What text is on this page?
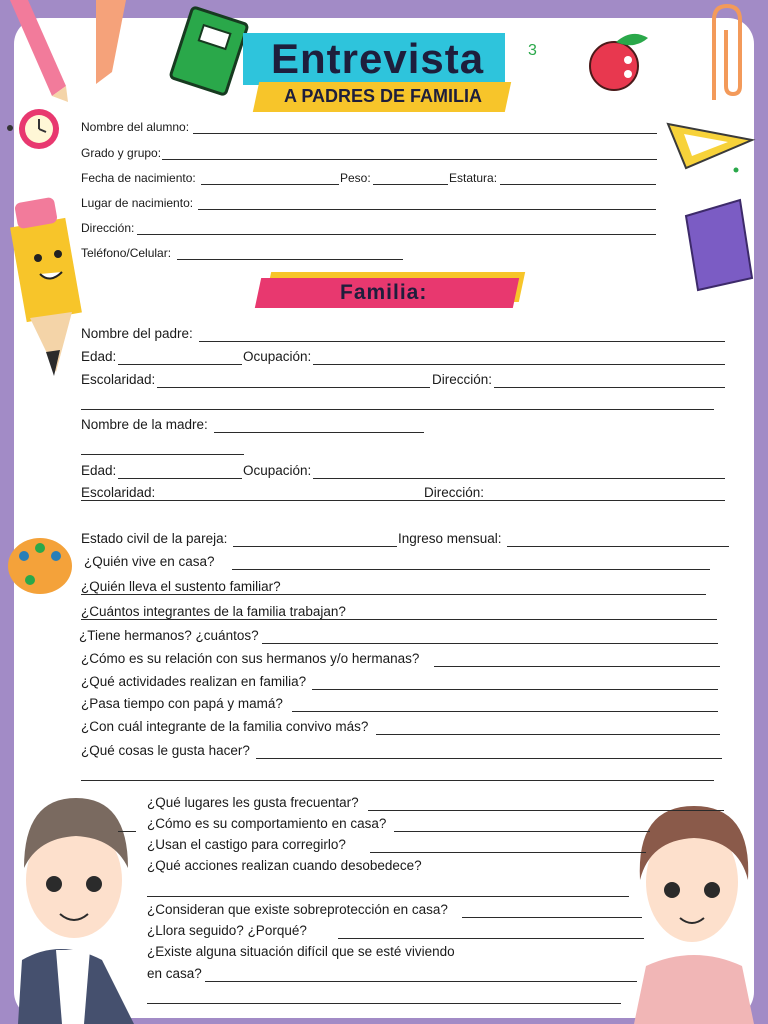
3
Entrevista
A PADRES DE FAMILIA
Nombre del alumno:
Grado y grupo:
Fecha de nacimiento:	Peso:	Estatura:
Lugar de nacimiento:
Dirección:
Teléfono/Celular:
Familia:
Nombre del padre:
Edad:	Ocupación:
Escolaridad:	Dirección:
Nombre de la madre:
Edad:	Ocupación:
Escolaridad:	Dirección:
Estado civil de la pareja:	Ingreso mensual:
¿Quién vive en casa?
¿Quién lleva el sustento familiar?
¿Cuántos integrantes de la familia trabajan?
¿Tiene hermanos? ¿cuántos?
¿Cómo es su relación con sus hermanos y/o hermanas?
¿Qué actividades realizan en familia?
¿Pasa tiempo con papá y mamá?
¿Con cuál integrante de la familia convivo más?
¿Qué cosas le gusta hacer?
¿Qué lugares les gusta frecuentar?
¿Cómo es su comportamiento en casa?
¿Usan el castigo para corregirlo?
¿Qué acciones realizan cuando desobedece?
¿Consideran que existe sobreprotección en casa?
¿Llora seguido? ¿Porqué?
¿Existe alguna situación difícil que se esté viviendo
en casa?
